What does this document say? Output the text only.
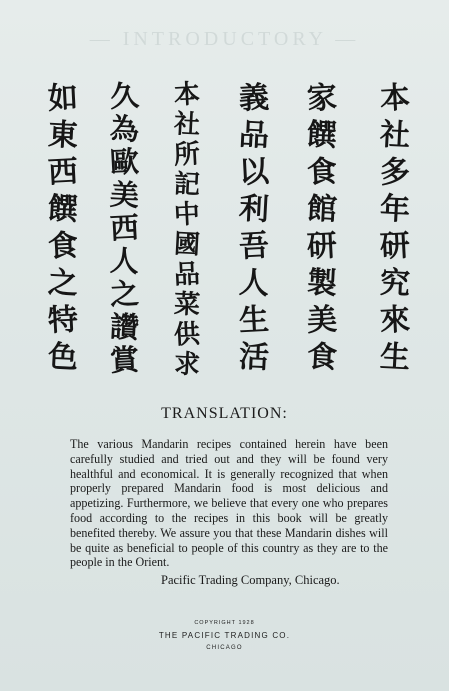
— INTRODUCTORY —
本
社
多
年
研
究
來
生
家
饌
食
館
研
製
美
食
義
品
以
利
吾
人
生
活
本
社
所
記
中
國
品
菜
供
求
久
為
歐
美
西
人
之
讚
賞
如
東
西
饌
食
之
特
色
TRANSLATION:
The various Mandarin recipes contained herein have been carefully studied and tried out and they will be found very healthful and economical. It is generally recognized that when properly prepared Mandarin food is most delicious and appetizing. Furthermore, we believe that every one who prepares food according to the recipes in this book will be greatly benefited thereby. We assure you that these Mandarin dishes will be quite as beneficial to people of this country as they are to the people in the Orient.
Pacific Trading Company, Chicago.
COPYRIGHT 1928
THE PACIFIC TRADING CO.
CHICAGO
